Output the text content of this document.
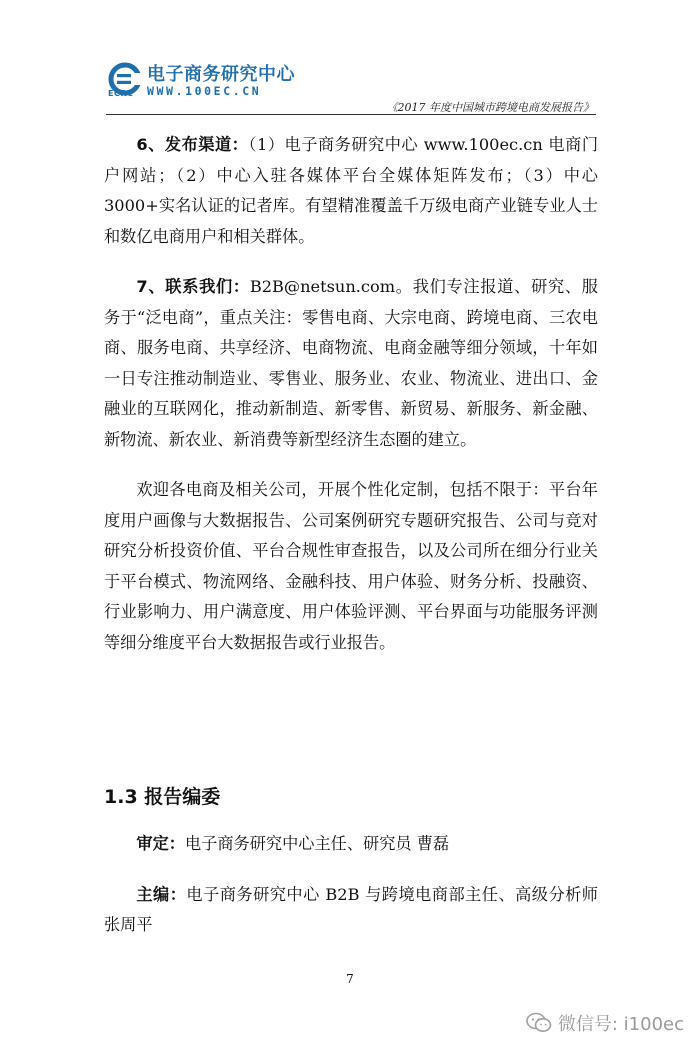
ECRC
电子商务研究中心
WWW.100EC.CN
《2017 年度中国城市跨境电商发展报告》

6、发布渠道：（1）电子商务研究中心 www.100ec.cn 电商门户网站；（2）中心入驻各媒体平台全媒体矩阵发布；（3）中心 3000+实名认证的记者库。有望精准覆盖千万级电商产业链专业人士和数亿电商用户和相关群体。

7、联系我们：B2B@netsun.com。我们专注报道、研究、服务于“泛电商”，重点关注：零售电商、大宗电商、跨境电商、三农电商、服务电商、共享经济、电商物流、电商金融等细分领域，十年如一日专注推动制造业、零售业、服务业、农业、物流业、进出口、金融业的互联网化，推动新制造、新零售、新贸易、新服务、新金融、新物流、新农业、新消费等新型经济生态圈的建立。

欢迎各电商及相关公司，开展个性化定制，包括不限于：平台年度用户画像与大数据报告、公司案例研究专题研究报告、公司与竞对研究分析投资价值、平台合规性审查报告，以及公司所在细分行业关于平台模式、物流网络、金融科技、用户体验、财务分析、投融资、行业影响力、用户满意度、用户体验评测、平台界面与功能服务评测等细分维度平台大数据报告或行业报告。

1.3 报告编委

审定：电子商务研究中心主任、研究员 曹磊

主编：电子商务研究中心 B2B 与跨境电商部主任、高级分析师 张周平

7
微信号: i100ec
